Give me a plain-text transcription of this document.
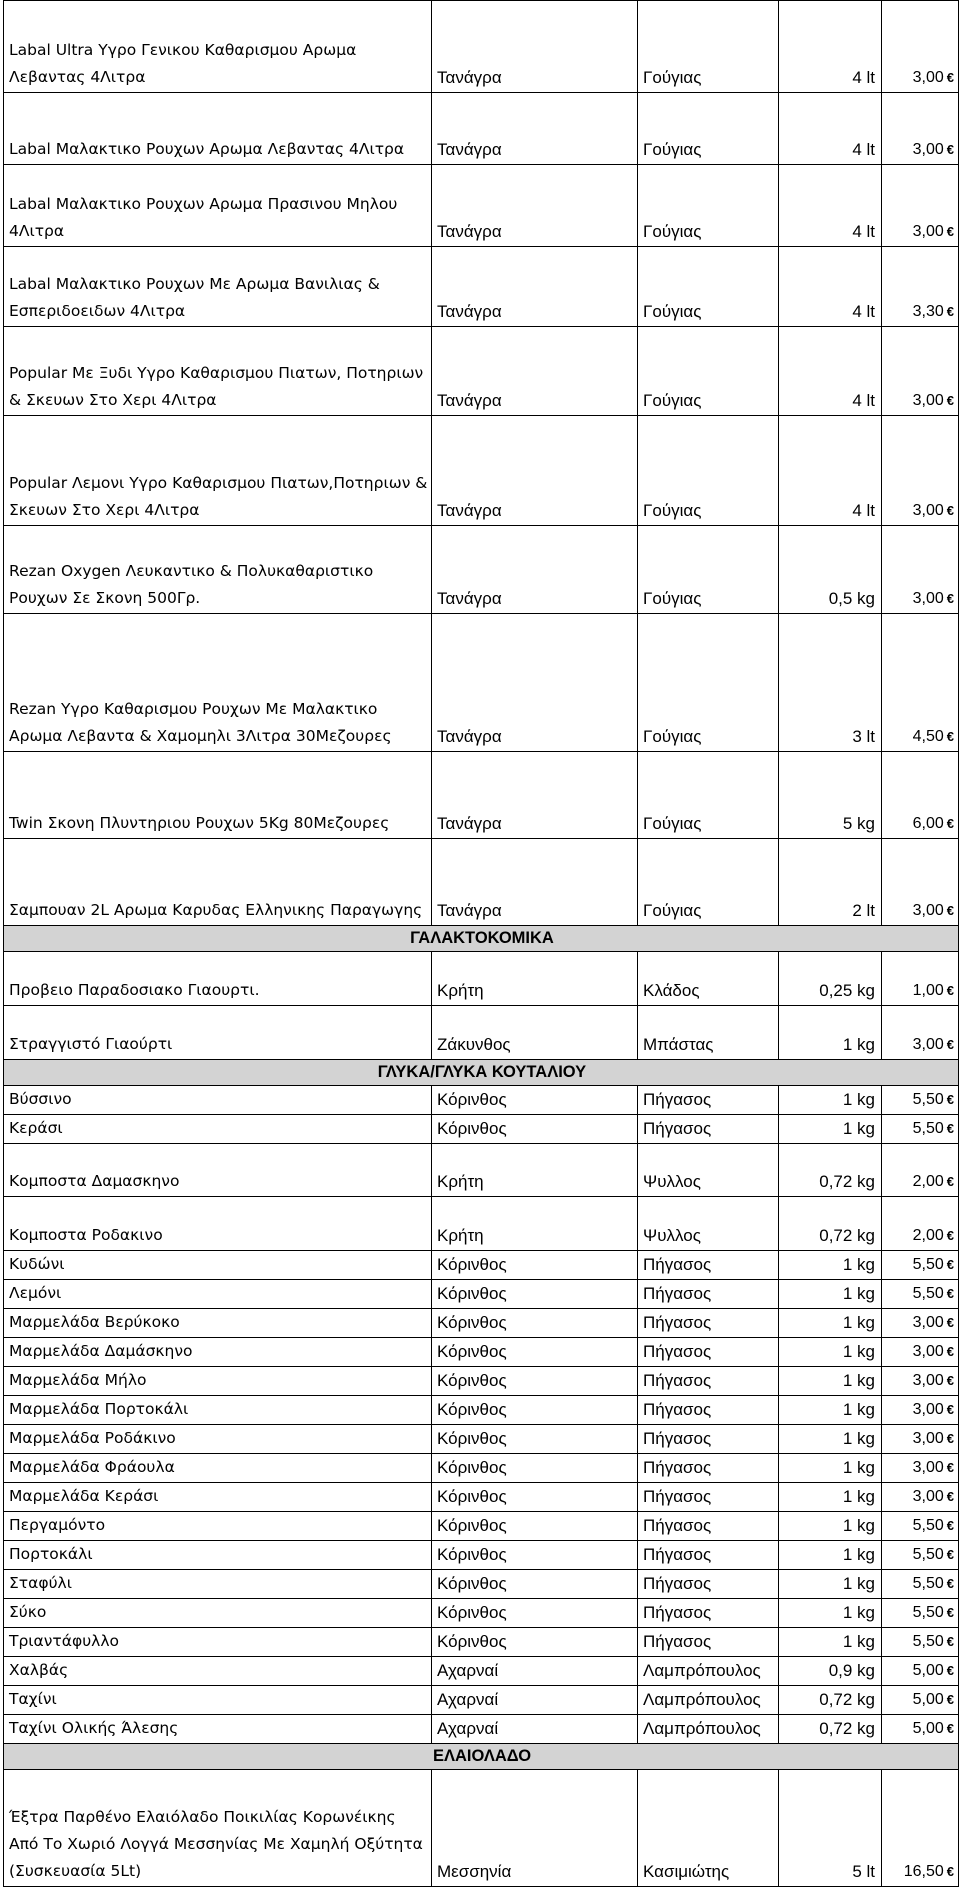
Labal Ultra Υγρο Γενικου Καθαρισμου Αρωμα Λεβαντας 4Λιτρα	Τανάγρα	Γούγιας	4 lt	3,00 €
Labal Μαλακτικο Ρουχων Αρωμα Λεβαντας 4Λιτρα	Τανάγρα	Γούγιας	4 lt	3,00 €
Labal Μαλακτικο Ρουχων Αρωμα Πρασινου Μηλου 4Λιτρα	Τανάγρα	Γούγιας	4 lt	3,00 €
Labal Μαλακτικο Ρουχων Με Αρωμα Βανιλιας & Εσπεριδοειδων 4Λιτρα	Τανάγρα	Γούγιας	4 lt	3,30 €
Popular Με Ξυδι Υγρο Καθαρισμου Πιατων, Ποτηριων & Σκευων Στο Χερι 4Λιτρα	Τανάγρα	Γούγιας	4 lt	3,00 €
Popular Λεμονι Υγρο Καθαρισμου Πιατων,Ποτηριων & Σκευων Στο Χερι 4Λιτρα	Τανάγρα	Γούγιας	4 lt	3,00 €
Rezan Oxygen Λευκαντικο & Πολυκαθαριστικο Ρουχων Σε Σκονη 500Γρ.	Τανάγρα	Γούγιας	0,5 kg	3,00 €
Rezan Υγρο Καθαρισμου Ρουχων Με Μαλακτικο Αρωμα Λεβαντα & Χαμομηλι 3Λιτρα 30Μεζουρες	Τανάγρα	Γούγιας	3 lt	4,50 €
Twin Σκονη Πλυντηριου Ρουχων 5Kg 80Μεζουρες	Τανάγρα	Γούγιας	5 kg	6,00 €
Σαμπουαν 2L Αρωμα Καρυδας Ελληνικης Παραγωγης	Τανάγρα	Γούγιας	2 lt	3,00 €
ΓΑΛΑΚΤΟΚΟΜΙΚΑ				
Προβειο Παραδοσιακο Γιαουρτι.	Κρήτη	Κλάδος	0,25 kg	1,00 €
Στραγγιστό Γιαούρτι	Ζάκυνθος	Μπάστας	1 kg	3,00 €
ΓΛΥΚΑ/ΓΛΥΚΑ ΚΟΥΤΑΛΙΟΥ				
Βύσσινο	Κόρινθος	Πήγασος	1 kg	5,50 €
Κεράσι	Κόρινθος	Πήγασος	1 kg	5,50 €
Κομποστα Δαμασκηνο	Κρήτη	Ψυλλος	0,72 kg	2,00 €
Κομποστα Ροδακινο	Κρήτη	Ψυλλος	0,72 kg	2,00 €
Κυδώνι	Κόρινθος	Πήγασος	1 kg	5,50 €
Λεμόνι	Κόρινθος	Πήγασος	1 kg	5,50 €
Μαρμελάδα Βερύκοκο	Κόρινθος	Πήγασος	1 kg	3,00 €
Μαρμελάδα Δαμάσκηνο	Κόρινθος	Πήγασος	1 kg	3,00 €
Μαρμελάδα Μήλο	Κόρινθος	Πήγασος	1 kg	3,00 €
Μαρμελάδα Πορτοκάλι	Κόρινθος	Πήγασος	1 kg	3,00 €
Μαρμελάδα Ροδάκινο	Κόρινθος	Πήγασος	1 kg	3,00 €
Μαρμελάδα Φράουλα	Κόρινθος	Πήγασος	1 kg	3,00 €
Μαρμελάδα Κεράσι	Κόρινθος	Πήγασος	1 kg	3,00 €
Περγαμόντο	Κόρινθος	Πήγασος	1 kg	5,50 €
Πορτοκάλι	Κόρινθος	Πήγασος	1 kg	5,50 €
Σταφύλι	Κόρινθος	Πήγασος	1 kg	5,50 €
Σύκο	Κόρινθος	Πήγασος	1 kg	5,50 €
Τριαντάφυλλο	Κόρινθος	Πήγασος	1 kg	5,50 €
Χαλβάς	Αχαρναί	Λαμπρόπουλος	0,9 kg	5,00 €
Ταχίνι	Αχαρναί	Λαμπρόπουλος	0,72 kg	5,00 €
Ταχίνι Ολικής Άλεσης	Αχαρναί	Λαμπρόπουλος	0,72 kg	5,00 €
ΕΛΑΙΟΛΑΔΟ				
Έξτρα Παρθένο Ελαιόλαδο Ποικιλίας Κορωνέικης Από Το Χωριό Λογγά Μεσσηνίας Με Χαμηλή Οξύτητα (Συσκευασία 5Lt)	Μεσσηνία	Κασιμιώτης	5 lt	16,50 €
